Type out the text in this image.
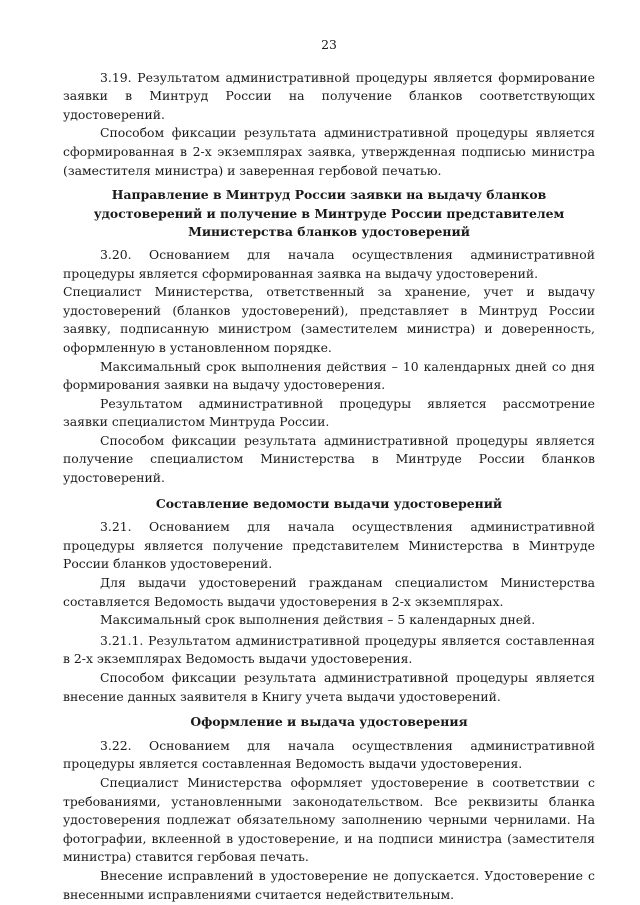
23

3.19. Результатом административной процедуры является формирование заявки в Минтруд России на получение бланков соответствующих удостоверений.

Способом фиксации результата административной процедуры является сформированная в 2-х экземплярах заявка, утвержденная подписью министра (заместителя министра) и заверенная гербовой печатью.

Направление в Минтруд России заявки на выдачу бланков удостоверений и получение в Минтруде России представителем Министерства бланков удостоверений

3.20. Основанием для начала осуществления административной процедуры является сформированная заявка на выдачу удостоверений.

Специалист Министерства, ответственный за хранение, учет и выдачу удостоверений (бланков удостоверений), представляет в Минтруд России заявку, подписанную министром (заместителем министра) и доверенность, оформленную в установленном порядке.

Максимальный срок выполнения действия – 10 календарных дней со дня формирования заявки на выдачу удостоверения.

Результатом административной процедуры является рассмотрение заявки специалистом Минтруда России.

Способом фиксации результата административной процедуры является получение специалистом Министерства в Минтруде России бланков удостоверений.

Составление ведомости выдачи удостоверений

3.21. Основанием для начала осуществления административной процедуры является получение представителем Министерства в Минтруде России бланков удостоверений.

Для выдачи удостоверений гражданам специалистом Министерства составляется Ведомость выдачи удостоверения в 2-х экземплярах.

Максимальный срок выполнения действия – 5 календарных дней.

3.21.1. Результатом административной процедуры является составленная в 2-х экземплярах Ведомость выдачи удостоверения.

Способом фиксации результата административной процедуры является внесение данных заявителя в Книгу учета выдачи удостоверений.

Оформление и выдача удостоверения

3.22. Основанием для начала осуществления административной процедуры является составленная Ведомость выдачи удостоверения.

Специалист Министерства оформляет удостоверение в соответствии с требованиями, установленными законодательством. Все реквизиты бланка удостоверения подлежат обязательному заполнению черными чернилами. На фотографии, вклеенной в удостоверение, и на подписи министра (заместителя министра) ставится гербовая печать.

Внесение исправлений в удостоверение не допускается. Удостоверение с внесенными исправлениями считается недействительным.
